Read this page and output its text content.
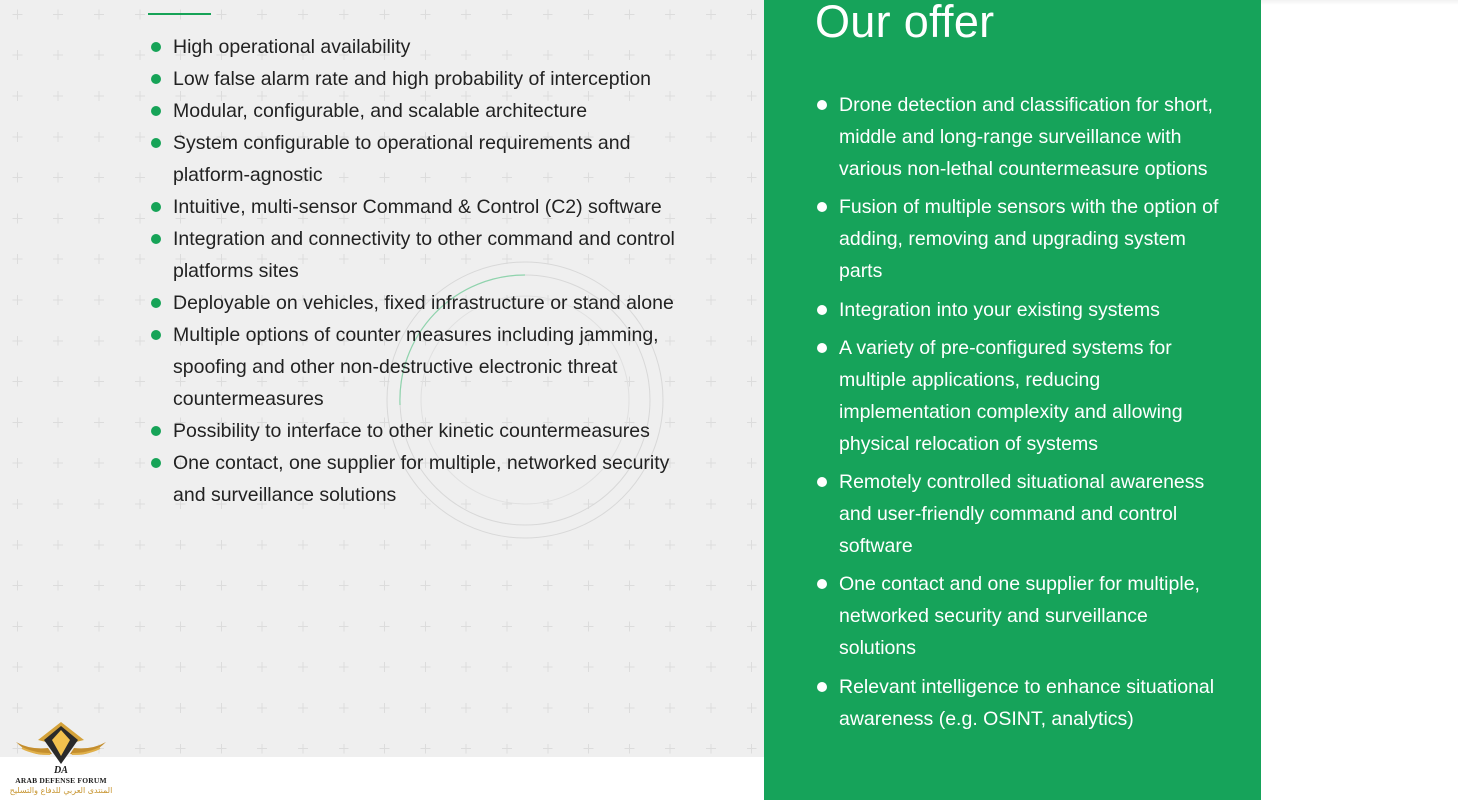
High operational availability
Low false alarm rate and high probability of interception
Modular, configurable, and scalable architecture
System configurable to operational requirements and platform-agnostic
Intuitive, multi-sensor Command & Control (C2) software
Integration and connectivity to other command and control platforms sites
Deployable on vehicles, fixed infrastructure or stand alone
Multiple options of counter measures including jamming, spoofing and other non-destructive electronic threat countermeasures
Possibility to interface to other kinetic countermeasures
One contact, one supplier for multiple, networked security and surveillance solutions
Our offer
Drone detection and classification for short, middle and long-range surveillance with various non-lethal countermeasure options
Fusion of multiple sensors with the option of adding, removing and upgrading system parts
Integration into your existing systems
A variety of pre-configured systems for multiple applications, reducing implementation complexity and allowing physical relocation of systems
Remotely controlled situational awareness and user-friendly command and control software
One contact and one supplier for multiple, networked security and surveillance solutions
Relevant intelligence to enhance situational awareness (e.g. OSINT, analytics)
DA
ARAB DEFENSE FORUM
المنتدى العربي للدفاع والتسليح
